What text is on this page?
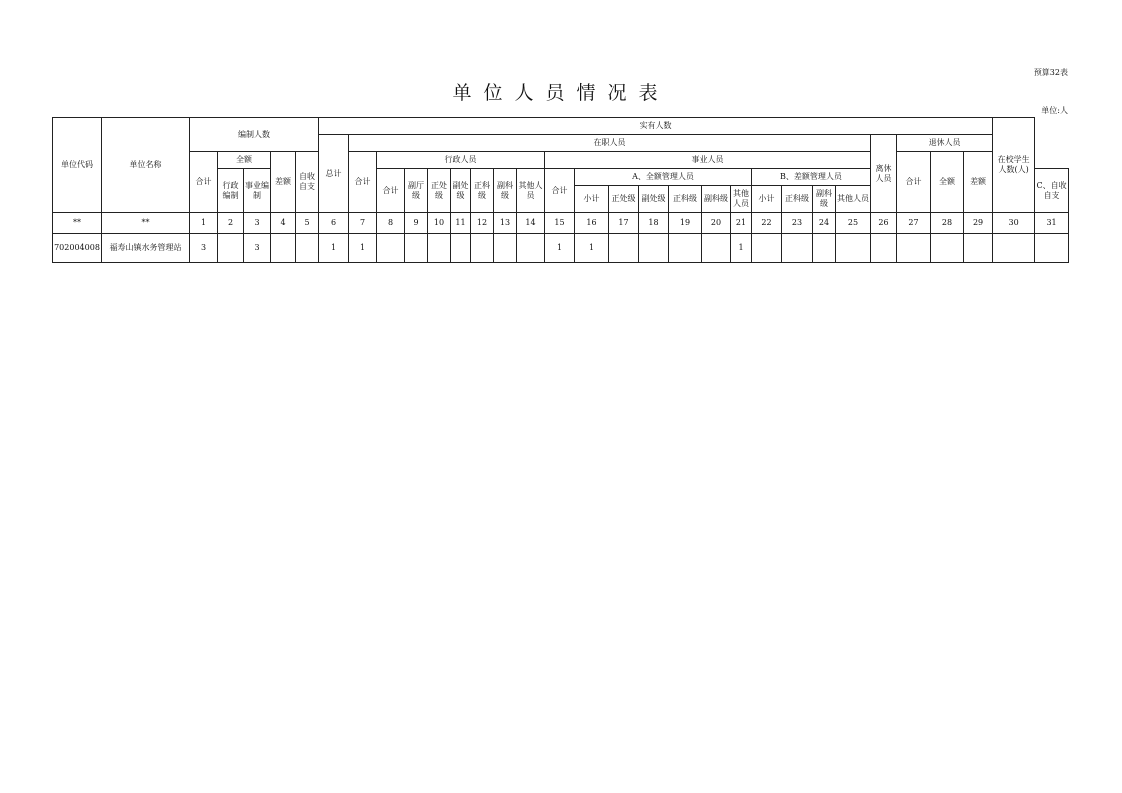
预算32表
单位人员情况表
单位:人
单位代码	单位名称	编制人数					实有人数																								在校学生人数(人)	
							总计	在职人员																			离休人员	退休人员				
		合计	全额		差额	自收自支		合计	行政人员							事业人员												合计	全额	差额		
			行政编制	事业编制					合计	副厅级	正处级	副处级	正科级	副科级	其他人员	合计	A、全额管理人员						B、差额管理人员									C、自收自支
																	小计	正处级	副处级	正科级	副科级	其他人员	小计	正科级	副科级	其他人员						
**	**	1	2	3	4	5	6	7	8	9	10	11	12	13	14	15	16	17	18	19	20	21	22	23	24	25	26	27	28	29	30	31
702004008	福寿山镇水务管理站	3		3			1	1								1	1					1										
